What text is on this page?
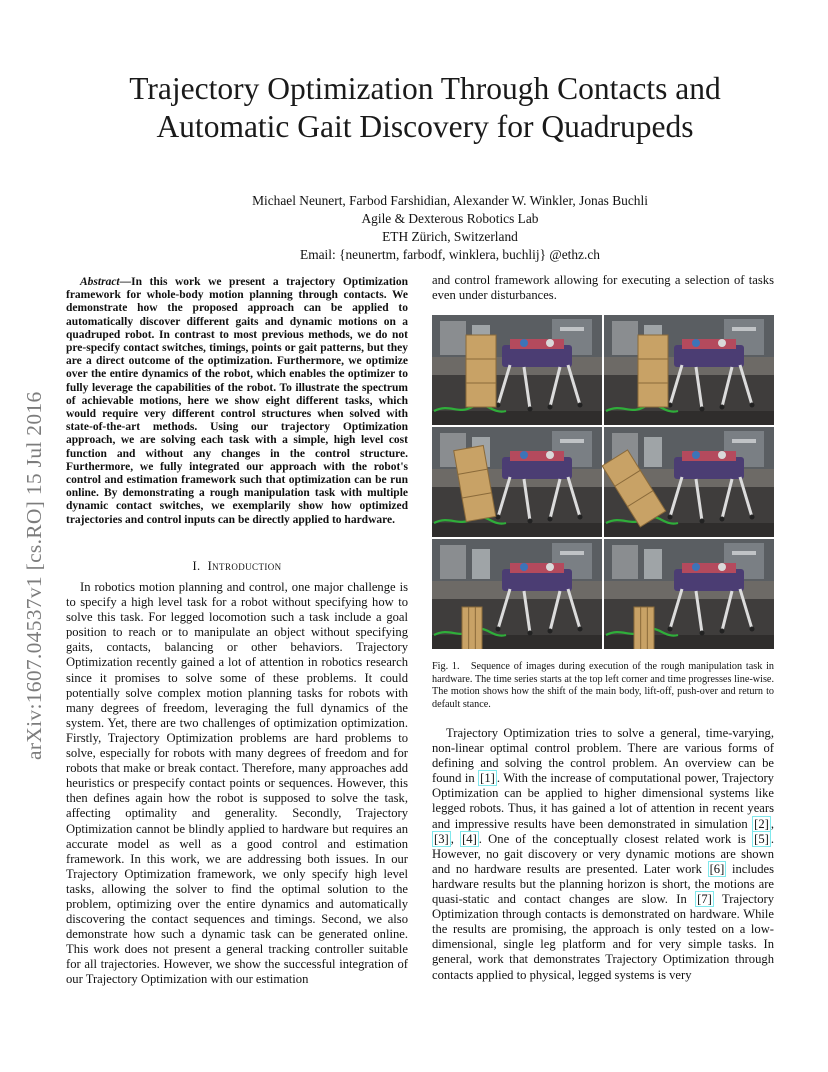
arXiv:1607.04537v1 [cs.RO] 15 Jul 2016
Trajectory Optimization Through Contacts and
Automatic Gait Discovery for Quadrupeds
Michael Neunert, Farbod Farshidian, Alexander W. Winkler, Jonas Buchli
Agile & Dexterous Robotics Lab
ETH Zürich, Switzerland
Email: {neunertm, farbodf, winklera, buchlij} @ethz.ch
Abstract—In this work we present a trajectory Optimization framework for whole-body motion planning through contacts. We demonstrate how the proposed approach can be applied to automatically discover different gaits and dynamic motions on a quadruped robot. In contrast to most previous methods, we do not pre-specify contact switches, timings, points or gait patterns, but they are a direct outcome of the optimization. Furthermore, we optimize over the entire dynamics of the robot, which enables the optimizer to fully leverage the capabilities of the robot. To illustrate the spectrum of achievable motions, here we show eight different tasks, which would require very different control structures when solved with state-of-the-art methods. Using our trajectory Optimization approach, we are solving each task with a simple, high level cost function and without any changes in the control structure. Furthermore, we fully integrated our approach with the robot's control and estimation framework such that optimization can be run online. By demonstrating a rough manipulation task with multiple dynamic contact switches, we exemplarily show how optimized trajectories and control inputs can be directly applied to hardware.
I. Introduction

In robotics motion planning and control, one major challenge is to specify a high level task for a robot without specifying how to solve this task. For legged locomotion such a task include a goal position to reach or to manipulate an object without specifying gaits, contacts, balancing or other behaviors. Trajectory Optimization recently gained a lot of attention in robotics research since it promises to solve some of these problems. It could potentially solve complex motion planning tasks for robots with many degrees of freedom, leveraging the full dynamics of the system. Yet, there are two challenges of optimization optimization. Firstly, Trajectory Optimization problems are hard problems to solve, especially for robots with many degrees of freedom and for robots that make or break contact. Therefore, many approaches add heuristics or prespecify contact points or sequences. However, this then defines again how the robot is supposed to solve the task, affecting optimality and generality. Secondly, Trajectory Optimization cannot be blindly applied to hardware but requires an accurate model as well as a good control and estimation framework. In this work, we are addressing both issues. In our Trajectory Optimization framework, we only specify high level tasks, allowing the solver to find the optimal solution to the problem, optimizing over the entire dynamics and automatically discovering the contact sequences and timings. Second, we also demonstrate how such a dynamic task can be generated online. This work does not present a general tracking controller suitable for all trajectories. However, we show the successful integration of our Trajectory Optimization with our estimation

and control framework allowing for executing a selection of tasks even under disturbances.

Fig. 1. Sequence of images during execution of the rough manipulation task in hardware. The time series starts at the top left corner and time progresses line-wise. The motion shows how the shift of the main body, lift-off, push-over and return to default stance.

Trajectory Optimization tries to solve a general, time-varying, non-linear optimal control problem. There are various forms of defining and solving the control problem. An overview can be found in [1] . With the increase of computational power, Trajectory Optimization can be applied to higher dimensional systems like legged robots. Thus, it has gained a lot of attention in recent years and impressive results have been demonstrated in simulation [2] , [3] , [4] . One of the conceptually closest related work is [5] . However, no gait discovery or very dynamic motions are shown and no hardware results are presented. Later work [6] includes hardware results but the planning horizon is short, the motions are quasi-static and contact changes are slow. In [7] Trajectory Optimization through contacts is demonstrated on hardware. While the results are promising, the approach is only tested on a low-dimensional, single leg platform and for very simple tasks. In general, work that demonstrates Trajectory Optimization through contacts applied to physical, legged systems is very
